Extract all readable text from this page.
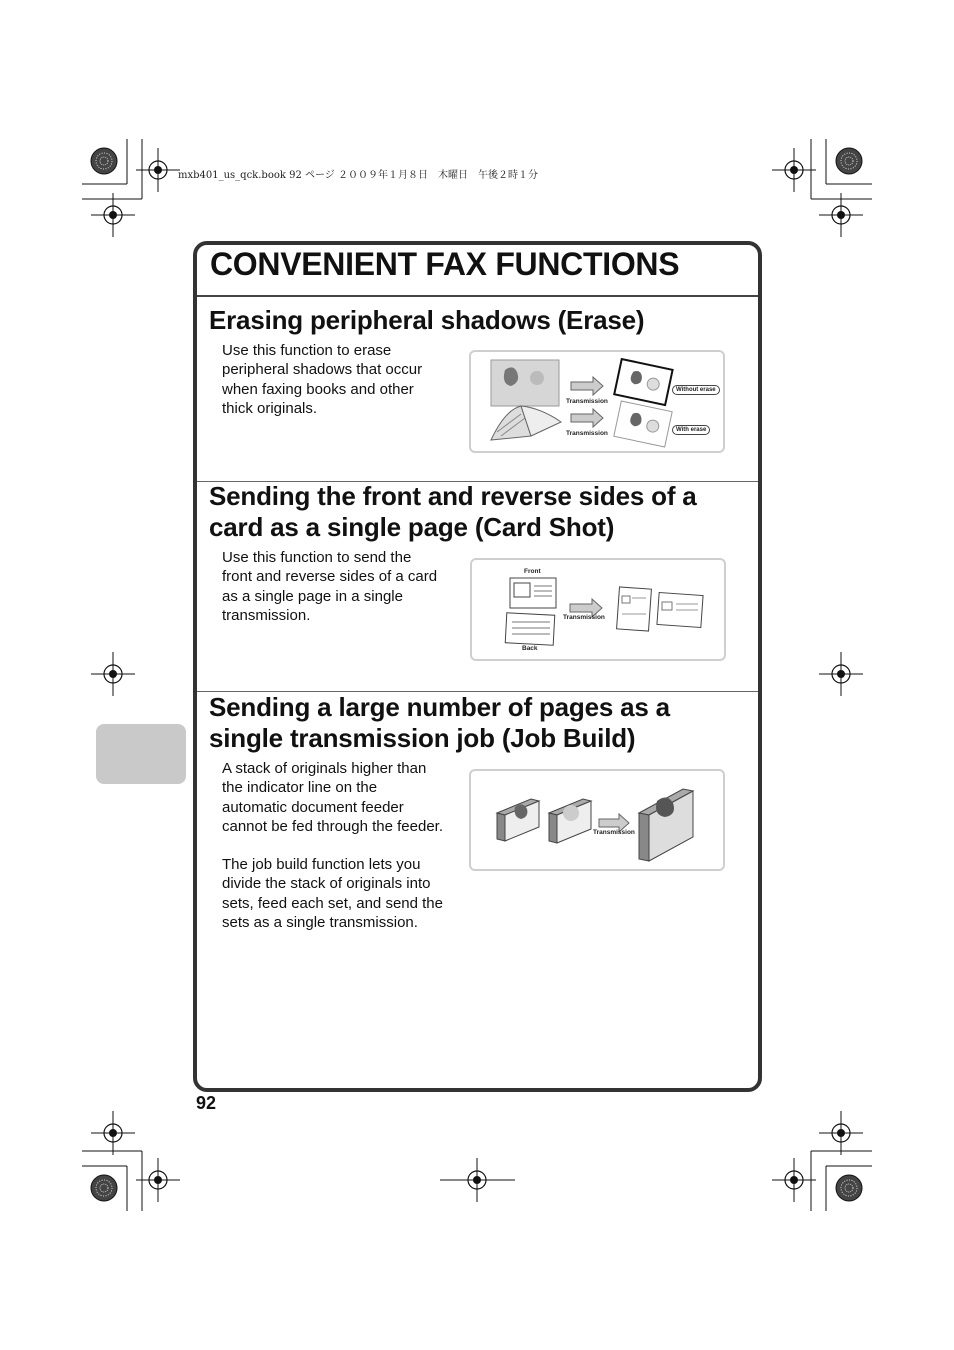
mxb401_us_qck.book 92 ページ ２００９年１月８日　木曜日　午後２時１分
CONVENIENT FAX FUNCTIONS
Erasing peripheral shadows (Erase)

Use this function to erase peripheral shadows that occur when faxing books and other thick originals.	Transmission
Transmission
Without erase
With erase
Sending the front and reverse sides of a card as a single page (Card Shot)

Use this function to send the front and reverse sides of a card as a single page in a single transmission.

Front
Back
Transmission
Sending a large number of pages as a single transmission job (Job Build)

A stack of originals higher than the indicator line on the automatic document feeder cannot be fed through the feeder.

The job build function lets you divide the stack of originals into sets, feed each set, and send the sets as a single transmission.

Transmission
92
